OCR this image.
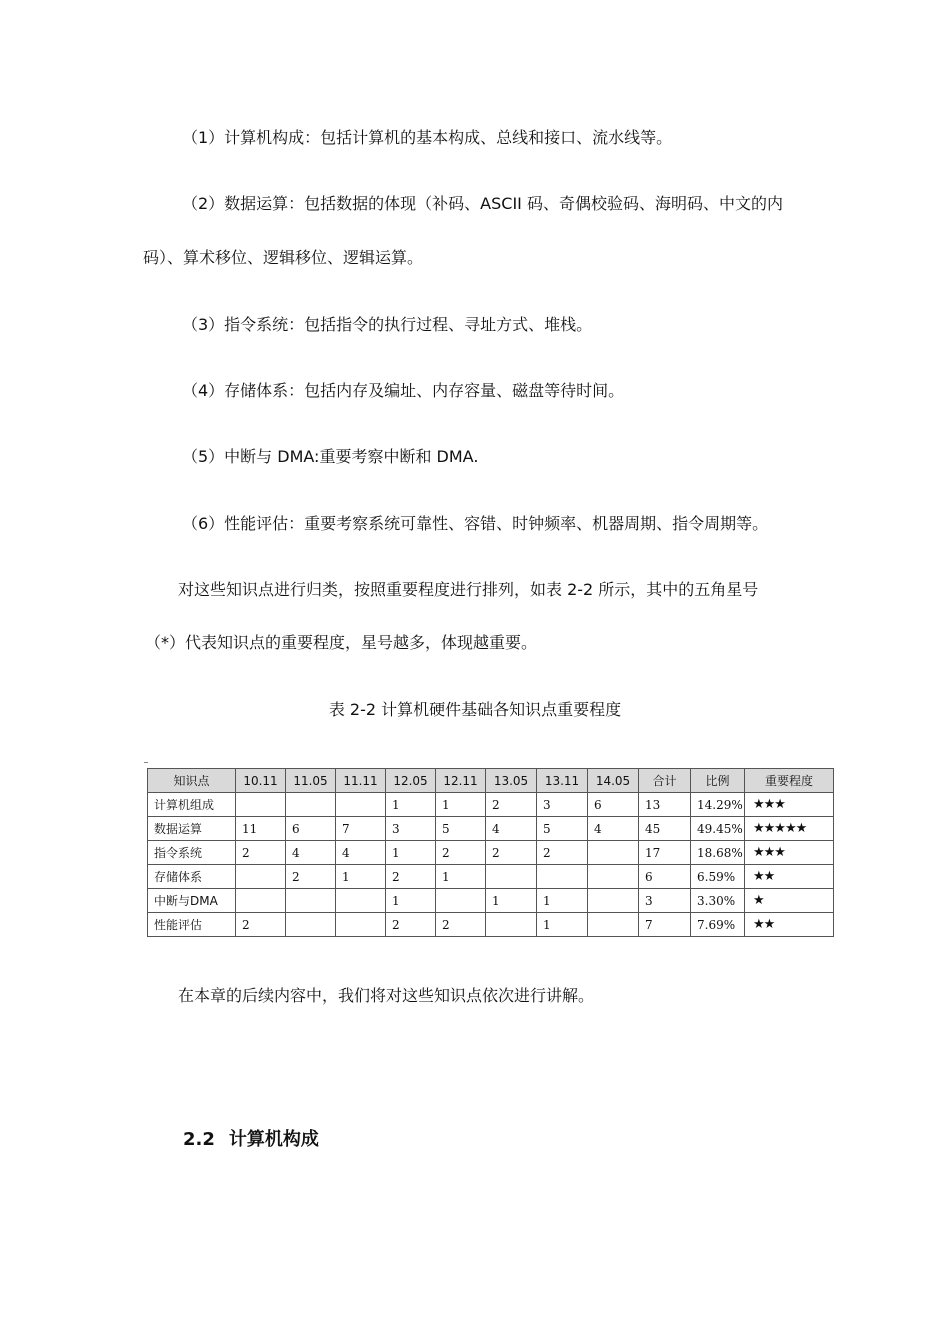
（1）计算机构成：包括计算机的基本构成、总线和接口、流水线等。

（2）数据运算：包括数据的体现（补码、ASCII 码、奇偶校验码、海明码、中文的内

码）、算术移位、逻辑移位、逻辑运算。

（3）指令系统：包括指令的执行过程、寻址方式、堆栈。

（4）存储体系：包括内存及编址、内存容量、磁盘等待时间。

（5）中断与 DMA:重要考察中断和 DMA.

（6）性能评估：重要考察系统可靠性、容错、时钟频率、机器周期、指令周期等。

对这些知识点进行归类，按照重要程度进行排列，如表 2-2 所示，其中的五角星号

（*）代表知识点的重要程度，星号越多，体现越重要。

表 2-2 计算机硬件基础各知识点重要程度

知识点	10.11	11.05	11.11	12.05	12.11	13.05	13.11	14.05	合计	比例	重要程度
计算机组成				1	1	2	3	6	13	14.29%	★★★
数据运算	11	6	7	3	5	4	5	4	45	49.45%	★★★★★
指令系统	2	4	4	1	2	2	2		17	18.68%	★★★
存储体系		2	1	2	1				6	6.59%	★★
中断与DMA				1		1	1		3	3.30%	★
性能评估	2			2	2		1		7	7.69%	★★

在本章的后续内容中，我们将对这些知识点依次进行讲解。

2.2 计算机构成
